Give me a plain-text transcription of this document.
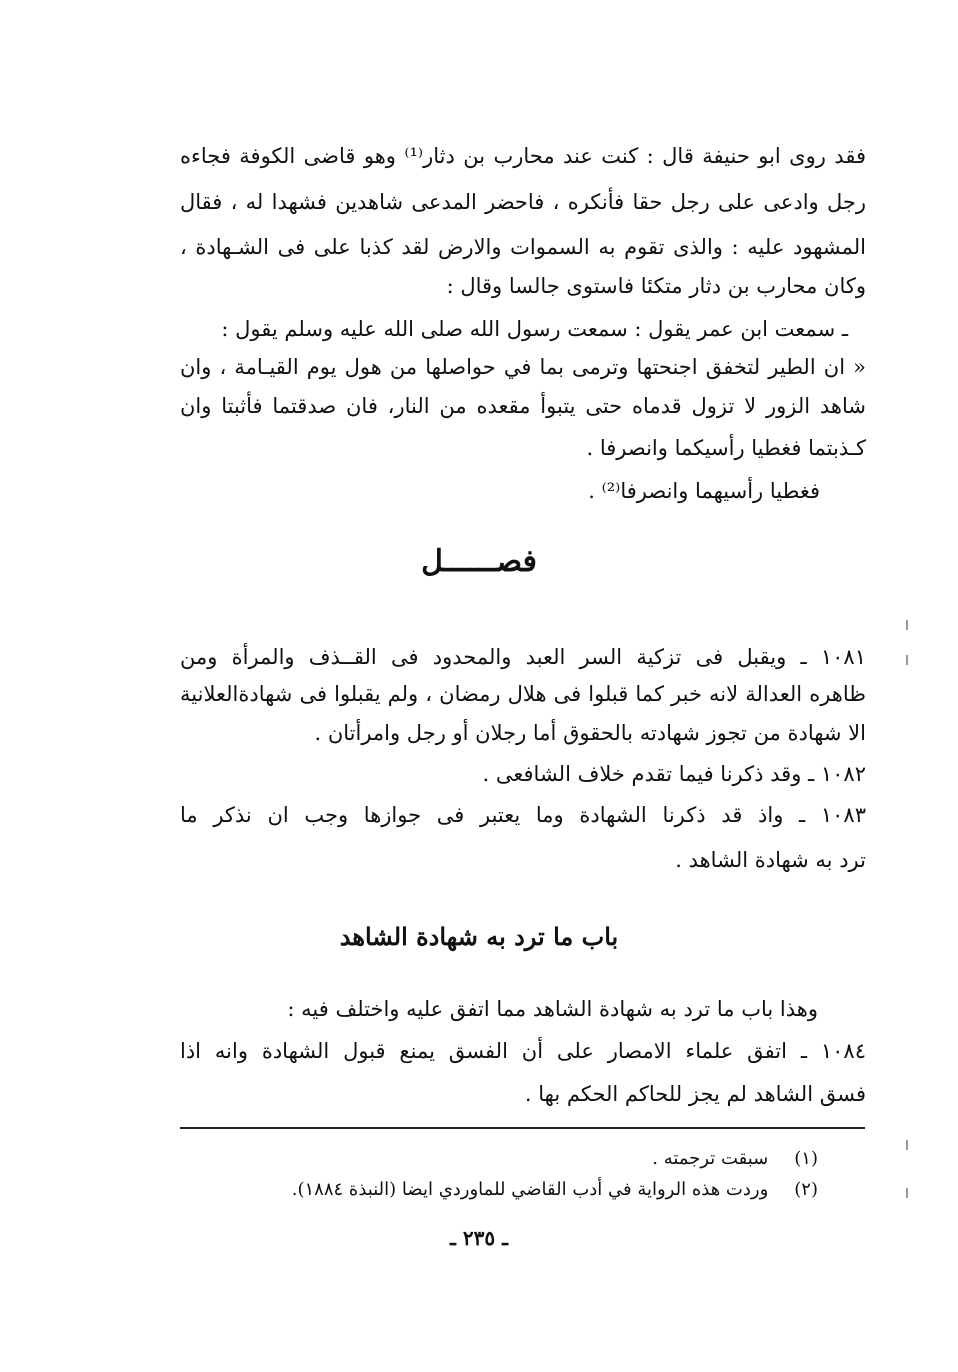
فقد روى ابو حنيفة قال : كنت عند محارب بن دثار⁽¹⁾ وهو قاضى الكوفة فجاءه
رجل وادعى على رجل حقا فأنكره ، فاحضر المدعى شاهدين فشهدا له ، فقال
المشهود عليه : والذى تقوم به السموات والارض لقد كذبا على فى الشـهادة ،
وكان محارب بن دثار متكئا فاستوى جالسا وقال :
ـ سمعت ابن عمر يقول : سمعت رسول الله صلى الله عليه وسلم يقول :
« ان الطير لتخفق اجنحتها وترمى بما في حواصلها من هول يوم القيـامة ، وان
شاهد الزور لا تزول قدماه حتى يتبوأ مقعده من النار، فان صدقتما فأثبتا وان
كـذبتما فغطيا رأسيكما وانصرفا .
فغطيا رأسيهما وانصرفا⁽²⁾ .
فصــــــل
١٠٨١ ـ ويقبل فى تزكية السر العبد والمحدود فى القــذف والمرأة ومن
ظاهره العدالة لانه خبر كما قبلوا فى هلال رمضان ، ولم يقبلوا فى شهادةالعلانية
الا شهادة من تجوز شهادته بالحقوق أما رجلان أو رجل وامرأتان .
١٠٨٢ ـ وقد ذكرنا فيما تقدم خلاف الشافعى .
١٠٨٣ ـ واذ قد ذكرنا الشهادة وما يعتبر فى جوازها وجب ان نذكر ما
ترد به شهادة الشاهد .
باب ما ترد به شهادة الشاهد
وهذا باب ما ترد به شهادة الشاهد مما اتفق عليه واختلف فيه :
١٠٨٤ ـ اتفق علماء الامصار على أن الفسق يمنع قبول الشهادة وانه اذا
فسق الشاهد لم يجز للحاكم الحكم بها .
(١) سبقت ترجمته .
(٢) وردت هذه الرواية في أدب القاضي للماوردي ايضا (النبذة ١٨٨٤).
ـ ٢٣٥ ـ
